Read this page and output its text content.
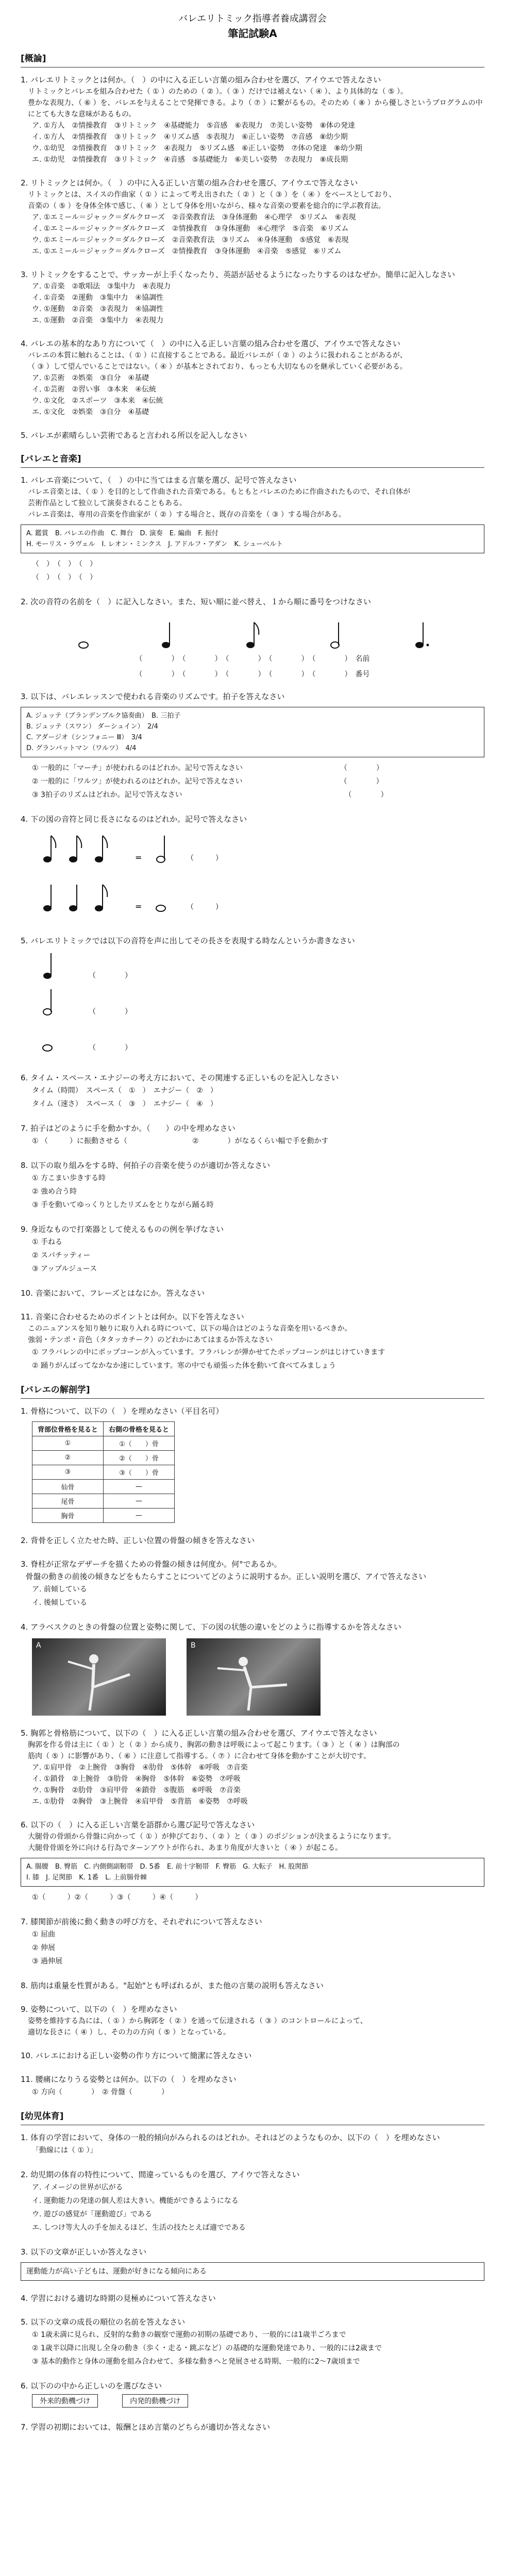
バレエリトミック指導者養成講習会
筆記試験A
[概論]
1. バレエリトミックとは何か。（　）の中に入る正しい言葉の組み合わせを選び、アイウエで答えなさい
リトミックとバレエを組み合わせた（ ① ）のための（ ② ）。（ ③ ）だけでは補えない（ ④ ）、より具体的な（ ⑤ ）。
豊かな表現力、（ ⑥ ）を、バレエを与えることで発揮できる。より（ ⑦ ）に繋がるもの。そのため（ ⑧ ）から優しさというプログラムの中にとても大きな意味があるもの。
ア. ①方人　②情操教育　③リトミック　④基礎能力　⑤音感　⑥表現力　⑦美しい姿勢　⑧体の発達
イ. ①方人　②情操教育　③リトミック　④リズム感　⑤表現力　⑥正しい姿勢　⑦音感　⑧幼少期
ウ. ①幼児　②情操教育　③リトミック　④表現力　⑤リズム感　⑥正しい姿勢　⑦体の発達　⑧幼少期
エ. ①幼児　②情操教育　③リトミック　④音感　⑤基礎能力　⑥美しい姿勢　⑦表現力　⑧成長期
2. リトミックとは何か。（　）の中に入る正しい言葉の組み合わせを選び、アイウエで答えなさい
リトミックとは、スイスの作曲家（ ① ）によって考え出された（ ② ）と（ ③ ）を（ ④ ）をベースとしており、
音楽の（ ⑤ ）を身体全体で感じ、（ ⑥ ）として身体を用いながら、様々な音楽の要素を総合的に学ぶ教育法。
ア. ①エミール＝ジャック＝ダルクローズ　②音楽教育法　③身体運動　④心理学　⑤リズム　⑥表現
イ. ①エミール＝ジャック＝ダルクローズ　②情操教育　③身体運動　④心理学　⑤音楽　⑥リズム
ウ. ①エミール＝ジャック＝ダルクローズ　②音楽教育法　③リズム　④身体運動　⑤感覚　⑥表現
エ. ①エミール＝ジャック＝ダルクローズ　②情操教育　③身体運動　④音楽　⑤感覚　⑥リズム
3. リトミックをすることで、サッカーが上手くなったり、英語が話せるようになったりするのはなぜか。簡単に記入しなさい
ア. ①音楽　②歌唱法　③集中力　④表現力
イ. ①音楽　②運動　③集中力　④協調性
ウ. ①運動　②音楽　③表現力　④協調性
エ. ①運動　②音楽　③集中力　④表現力
4. バレエの基本的なあり方について（　）の中に入る正しい言葉の組み合わせを選び、アイウエで答えなさい
バレエの本質に触れることは、（ ① ）に直接することである。最近バレエが（ ② ）のように扱われることがあるが、
（ ③ ）して望んでいることではない。（ ④ ）が基本とされており、もっとも大切なものを継承していく必要がある。
ア. ①芸術　②娯楽　③自分　④基礎
イ. ①芸術　②習い事　③本来　④伝統
ウ. ①文化　②スポーツ　③本来　④伝統
エ. ①文化　②娯楽　③自分　④基礎
5. バレエが素晴らしい芸術であると言われる所以を記入しなさい
[バレエと音楽]
1. バレエ音楽について、（　）の中に当てはまる言葉を選び、記号で答えなさい
バレエ音楽とは、（ ① ）を目的として作曲された音楽である。もともとバレエのために作曲されたもので、それ自体が
芸術作品として独立して演奏されることもある。
バレエ音楽は、専用の音楽を作曲家が（ ② ）する場合と、既存の音楽を（ ③ ）する場合がある。
A. 鑑賞　B. バレエの作曲　C. 舞台　D. 演奏　E. 編曲　F. 振付
H. モーリス・ラヴェル　I. レオン・ミンクス　J. アドルフ・アダン　K. シューベルト
（　）　（　）　（　）
（　）　（　）　（　）
2. 次の音符の名前を（　）に記入しなさい。また、短い順に並べ替え、１から順に番号をつけなさい
（　　　　）　（　　　　）　（　　　　）　（　　　　）　（　　　　）　名前
（　　　　）　（　　　　）　（　　　　）　（　　　　）　（　　　　）　番号
3. 以下は、バレエレッスンで使われる音楽のリズムです。拍子を答えなさい
A. ジュッテ（ブランデンブルク協奏曲）　B. 三拍子
B. ジュッテ（スワン） ダーシュイン）　2/4
C. アダージオ（シンフォニー Ⅲ）　3/4
D. グランバットマン（ワルツ）　4/4
① 一般的に「マーチ」が使われるのはどれか。記号で答えなさい　　　　　　　　　　　　　　（　　　　）
② 一般的に「ワルツ」が使われるのはどれか。記号で答えなさい　　　　　　　　　　　　　　（　　　　）
③ 3拍子のリズムはどれか。記号で答えなさい　　　　　　　　　　　　　　　　　　　　　　　（　　　　）
4. 下の図の音符と同じ長さになるのはどれか。記号で答えなさい
=	（　　　）
=	（　　　）
5. バレエリトミックでは以下の音符を声に出してその長さを表現する時なんというか書きなさい
（　　　　）
（　　　　）
（　　　　）
6. タイム・スペース・エナジーの考え方において、その関連する正しいものを記入しなさい
タイム（時間）　スペース（　①　）　エナジー（　②　）
タイム（速さ）　スペース（　③　）　エナジー（　④　）
7. 拍子はどのように手を動かすか。（　　）の中を埋めなさい
① （　　　）に振動させる（　　　　　　　　　②　　　　）がなるくらい幅で手を動かす
8. 以下の取り組みをする時、何拍子の音楽を使うのが適切か答えなさい
① 方こまい歩きする時
② 強め合う時
③ 手を動いてゆっくりとしたリズムをとりながら踊る時
9. 身近なもので打楽器として使えるものの例を挙げなさい
① 手ねる
② スパチッティー
③ アップルジュース
10. 音楽において、フレーズとはなにか。答えなさい
11. 音楽に合わせるためのポイントとは何か。以下を答えなさい
このニュアンスを知り触りに取り入れる時について、以下の場合はどのような音楽を用いるべきか。
強弱・テンポ・音色（タタッカチーク）のどれかにあてはまるか答えなさい
① フラバレンの中にポップコーンが入っています。フラバレンが弾かせてたポップコーンがはじけていきます
② 踊りがんばってなかなか速にしています。寒の中でも頑張った体を動いて食べてみましょう
[バレエの解剖学]
1. 骨格について、以下の（　）を埋めなさい（平目名可）
背部位骨格を見ると	右側の骨格を見ると
①	①（　　）骨
②	②（　　）骨
③	③（　　）骨
仙骨	—
尾骨	—
胸骨	—
2. 背骨を正しく立たせた時、正しい位置の骨盤の傾きを答えなさい
3. 脊柱が正常なデザーチを描くための骨盤の傾きは何度か。何°であるか。
骨盤の動きの前後の傾きなどをもたらすことについてどのように説明するか。正しい説明を選び、アイで答えなさい
ア. 前傾している
イ. 後傾している
4. アラベスクのときの骨盤の位置と姿勢に関して、下の図の状態の違いをどのように指導するかを答えなさい
A	B
5. 胸郭と骨格筋について、以下の（　）に入る正しい言葉の組み合わせを選び、アイウエで答えなさい
胸郭を作る骨は主に（ ① ）と（ ② ）から成り、胸郭の動きは呼吸によって起こります。（ ③ ）と（ ④ ）は胸部の
筋肉（ ⑤ ）に影響があり、（ ⑥ ）に注意して指導する。（ ⑦ ）に合わせて身体を動かすことが大切です。
ア. ①肩甲骨　②上腕骨　③胸骨　④肋骨　⑤体幹　⑥呼吸　⑦音楽
イ. ①鎖骨　②上腕骨　③肋骨　④胸骨　⑤体幹　⑥姿勢　⑦呼吸
ウ. ①胸骨　②肋骨　③肩甲骨　④鎖骨　⑤腹筋　⑥呼吸　⑦音楽
エ. ①肋骨　②胸骨　③上腕骨　④肩甲骨　⑤背筋　⑥姿勢　⑦呼吸
6. 以下の（　）に入る正しい言葉を語群から選び記号で答えなさい
大腿骨の骨頭から骨盤に向かって（ ① ）が伸びており、（ ② ）と（ ③ ）のポジションが決まるようになります。
大腿骨骨頭を外に向ける行為でターンアウトが作られ、あまり角度が大きいと（ ④ ）が起こる。
A. 腸腰　B. 臀筋　C. 内側側副靭帯　D. 5番　E. 前十字靭帯　F. 臀筋　G. 大転子　H. 股関節
I. 膝　J. 足関節　K. 1番　L. 上前腸骨棘
①（　　　）②（　　　）③（　　　）④（　　　）
7. 膝関節が前後に動く動きの呼び方を、それぞれについて答えなさい
① 屈曲
② 伸展
③ 過伸展
8. 筋肉は重量を性質がある。"起始"とも呼ばれるが、また他の言葉の説明も答えなさい
9. 姿勢について、以下の（　）を埋めなさい
姿勢を維持する為には、（ ① ）から胸郭を（ ② ）を通って伝達される（ ③ ）のコントロールによって、
適切な長さに（ ④ ）し、その力の方向（ ⑤ ）となっている。
10. バレエにおける正しい姿勢の作り方について簡潔に答えなさい
11. 腰痛になりうる姿勢とは何か。以下の（　）を埋めなさい
① 方向（　　　　）　② 骨盤（　　　　）
[幼児体育]
1. 体育の学習において、身体の一般的傾向がみられるのはどれか。それはどのようなものか、以下の（　）を埋めなさい
「動線には（ ① ）」
2. 幼児期の体育の特性について、間違っているものを選び、アイウで答えなさい
ア. イメージの世界が広がる
イ. 運動能力の発達の個人差は大きい。機能ができるようになる
ウ. 遊びの感覚が「運動遊び」である
エ. しつけ等大人の手を加えるほど、生活の技たとえば適でである
3. 以下の文章が正しいか答えなさい
運動能力が高い子どもは、運動が好きになる傾向にある
4. 学習における適切な時期の見極めについて答えなさい
5. 以下の文章の成長の順位の名前を答えなさい
① 1歳未満に見られ、反射的な動きの観察で運動の初期の基礎であり、一般的には1歳半ごろまで
② 1歳半以降に出現し全身の動き（歩く・走る・跳ぶなど）の基礎的な運動発達であり、一般的には2歳まで
③ 基本的動作と身体の運動を組み合わせて、多様な動きへと発展させる時期、一般的に2〜7歳頃まで
6. 以下のの中から正しいのを選びなさい
外来的動機づけ	内発的動機づけ
7. 学習の初期においては、報酬とほめ言葉のどちらが適切か答えなさい
